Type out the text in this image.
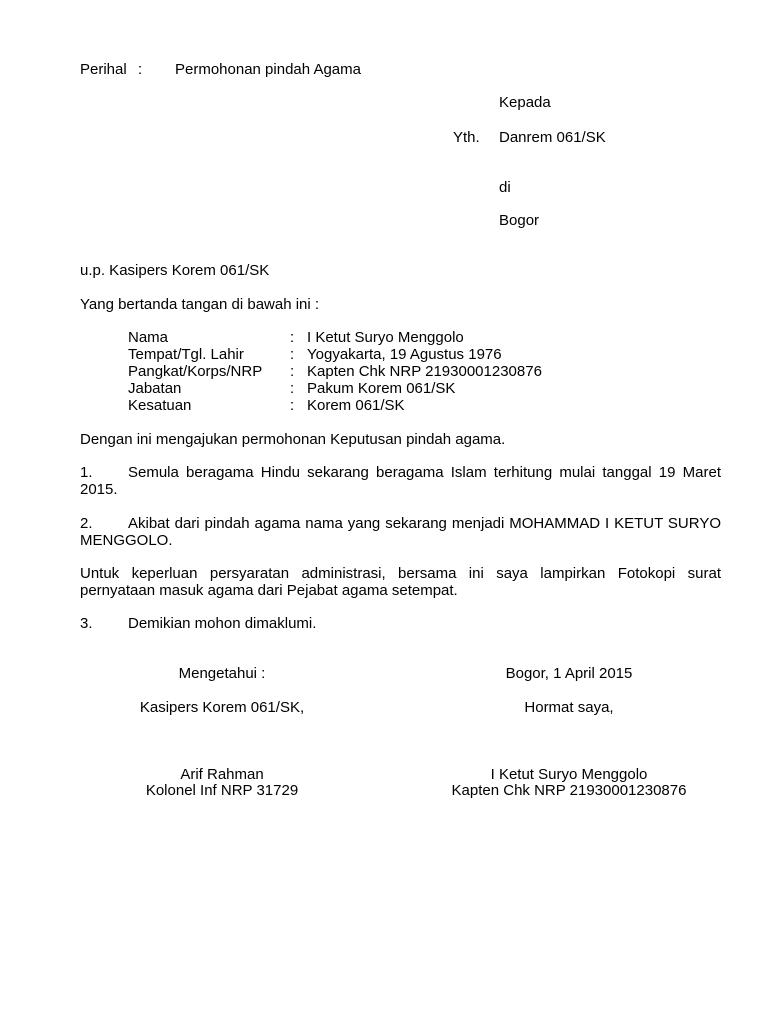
Perihal : Permohonan pindah Agama
Kepada
Yth. Danrem 061/SK
di
Bogor
u.p. Kasipers Korem 061/SK
Yang bertanda tangan di bawah ini :
Nama	: I Ketut Suryo Menggolo
Tempat/Tgl. Lahir	: Yogyakarta, 19 Agustus 1976
Pangkat/Korps/NRP : Kapten Chk NRP 21930001230876
Jabatan	: Pakum Korem 061/SK
Kesatuan	: Korem 061/SK
Dengan ini mengajukan permohonan Keputusan pindah agama.
1.	Semula beragama Hindu sekarang beragama Islam terhitung mulai tanggal 19 Maret 2015.
2.	Akibat dari pindah agama nama yang sekarang menjadi MOHAMMAD I KETUT SURYO MENGGOLO.
Untuk keperluan persyaratan administrasi, bersama ini saya lampirkan Fotokopi surat pernyataan masuk agama dari Pejabat agama setempat.
3. Demikian mohon dimaklumi.
Mengetahui :
Kasipers Korem 061/SK,
Arif Rahman
Kolonel Inf NRP 31729
Bogor, 1 April 2015
Hormat saya,
I Ketut Suryo Menggolo
Kapten Chk NRP 21930001230876
